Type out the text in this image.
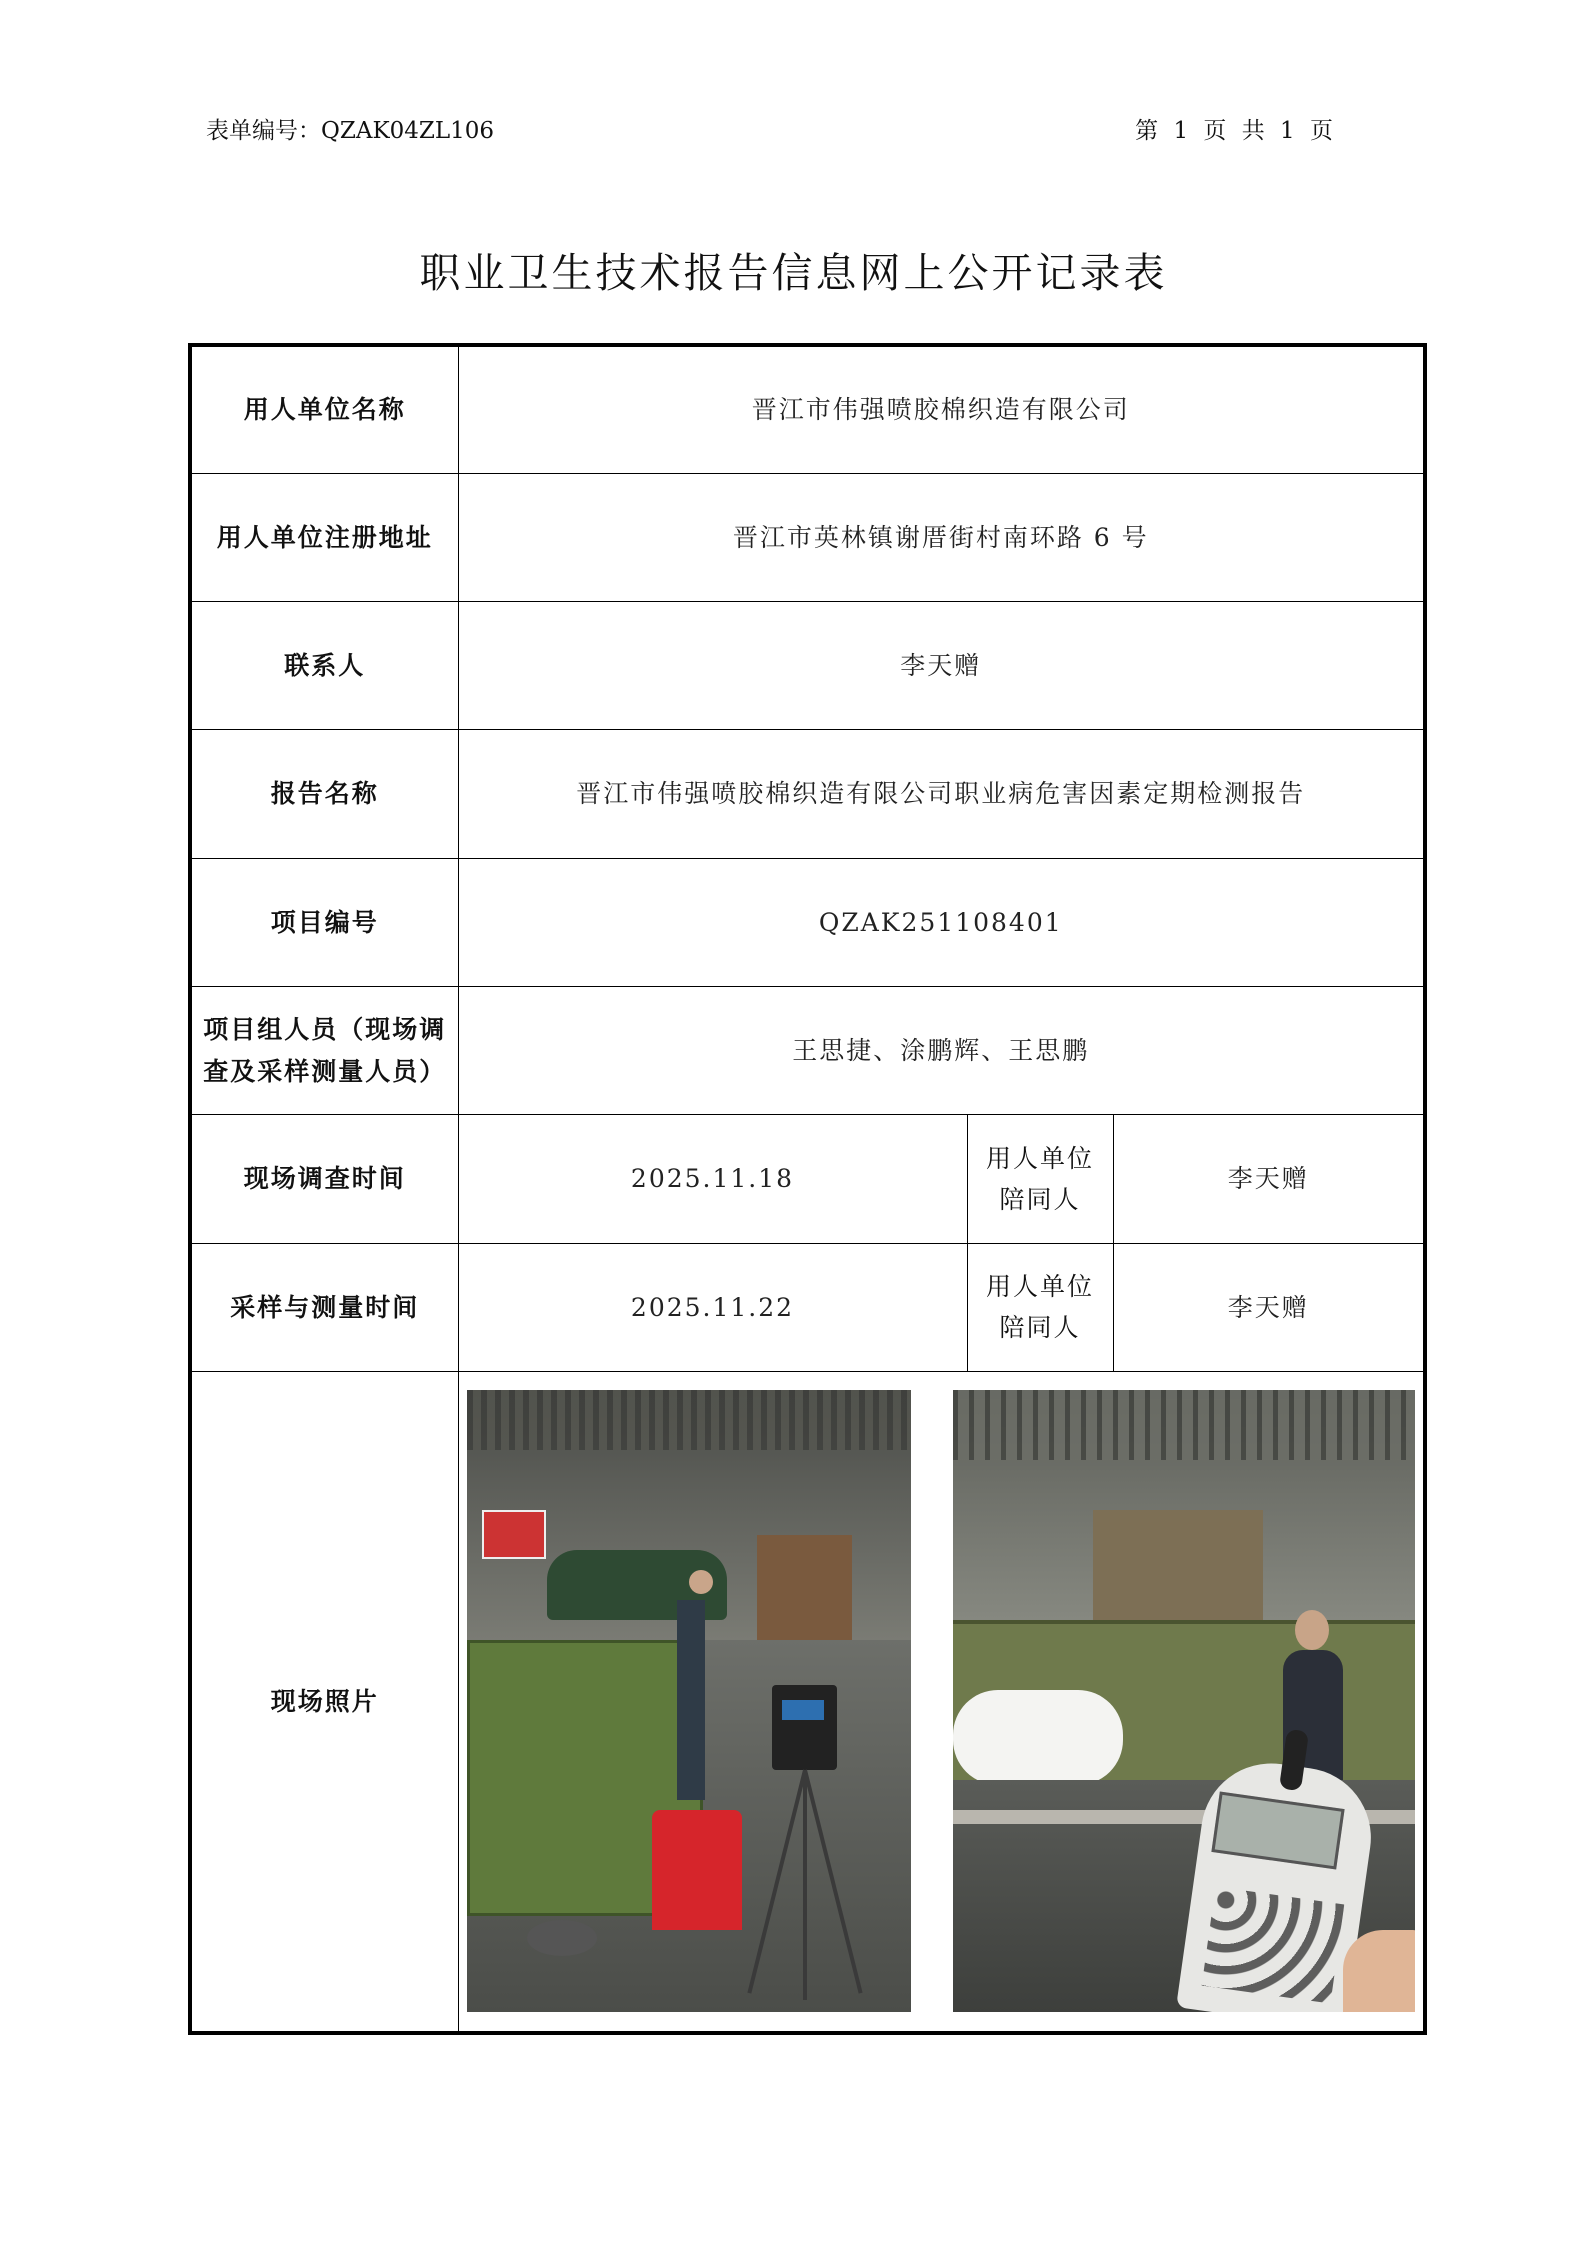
表单编号：QZAK04ZL106	第 1 页 共 1 页
职业卫生技术报告信息网上公开记录表
用人单位名称	晋江市伟强喷胶棉织造有限公司		
用人单位注册地址	晋江市英林镇谢厝街村南环路 6 号		
联系人	李天赠		
报告名称	晋江市伟强喷胶棉织造有限公司职业病危害因素定期检测报告		
项目编号	QZAK251108401		
项目组人员（现场调查及采样测量人员）	王思捷、涂鹏辉、王思鹏		
现场调查时间	2025.11.18	用人单位陪同人	李天赠
采样与测量时间	2025.11.22	用人单位陪同人	李天赠
现场照片			
